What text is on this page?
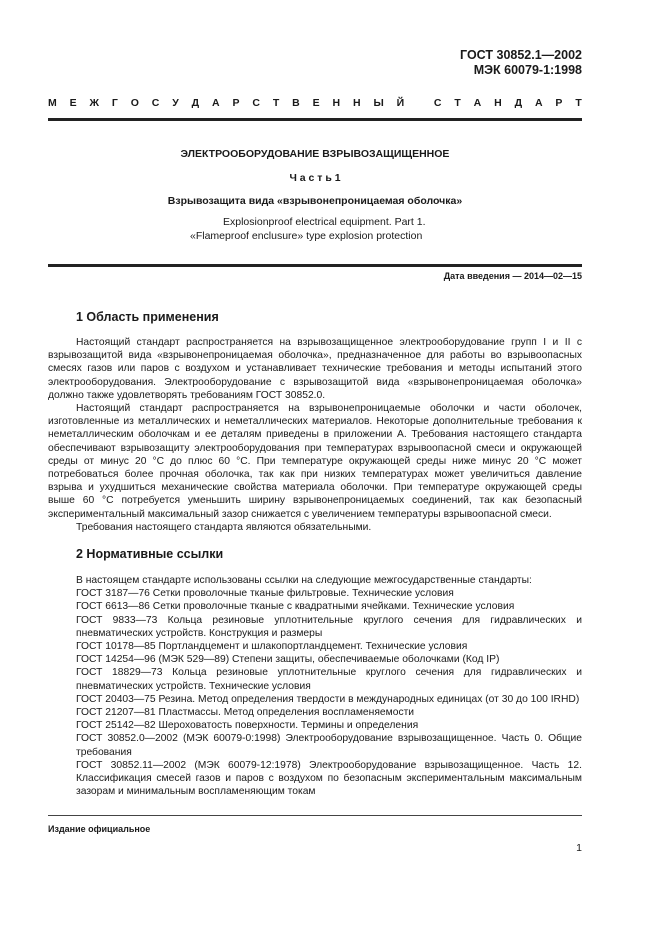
ГОСТ 30852.1—2002
МЭК 60079-1:1998
М Е Ж Г О С У Д А Р С Т В Е Н Н Ы Й	С Т А Н Д А Р Т
ЭЛЕКТРООБОРУДОВАНИЕ ВЗРЫВОЗАЩИЩЕННОЕ
Ч а с т ь 1
Взрывозащита вида «взрывонепроницаемая оболочка»
Explosionproof electrical equipment. Part 1.
«Flameproof enclusure» type explosion protection
Дата введения — 2014—02—15
1 Область применения

Настоящий стандарт распространяется на взрывозащищенное электрооборудование групп I и II с взрывозащитой вида «взрывонепроницаемая оболочка», предназначенное для работы во взрывоопасных смесях газов или паров с воздухом и устанавливает технические требования и методы испытаний этого электрооборудования. Электрооборудование с взрывозащитой вида «взрывонепроницаемая оболочка» должно также удовлетворять требованиям ГОСТ 30852.0.

Настоящий стандарт распространяется на взрывонепроницаемые оболочки и части оболочек, изготовленные из металлических и неметаллических материалов. Некоторые дополнительные требования к неметаллическим оболочкам и ее деталям приведены в приложении А. Требования настоящего стандарта обеспечивают взрывозащиту электрооборудования при температурах взрывоопасной смеси и окружающей среды от минус 20 °С до плюс 60 °С. При температуре окружающей среды ниже минус 20 °С может потребоваться более прочная оболочка, так как при низких температурах может увеличиться давление взрыва и ухудшиться механические свойства материала оболочки. При температуре окружающей среды выше 60 °С потребуется уменьшить ширину взрывонепроницаемых соединений, так как безопасный экспериментальный максимальный зазор снижается с увеличением температуры взрывоопасной смеси.

Требования настоящего стандарта являются обязательными.

2 Нормативные ссылки
В настоящем стандарте использованы ссылки на следующие межгосударственные стандарты:
ГОСТ 3187—76 Сетки проволочные тканые фильтровые. Технические условия
ГОСТ 6613—86 Сетки проволочные тканые с квадратными ячейками. Технические условия
ГОСТ 9833—73 Кольца резиновые уплотнительные круглого сечения для гидравлических и пневматических устройств. Конструкция и размеры
ГОСТ 10178—85 Портландцемент и шлакопортландцемент. Технические условия
ГОСТ 14254—96 (МЭК 529—89) Степени защиты, обеспечиваемые оболочками (Код IP)
ГОСТ 18829—73 Кольца резиновые уплотнительные круглого сечения для гидравлических и пневматических устройств. Технические условия
ГОСТ 20403—75 Резина. Метод определения твердости в международных единицах (от 30 до 100 IRHD)
ГОСТ 21207—81 Пластмассы. Метод определения воспламеняемости
ГОСТ 25142—82 Шероховатость поверхности. Термины и определения
ГОСТ 30852.0—2002 (МЭК 60079-0:1998) Электрооборудование взрывозащищенное. Часть 0. Общие требования
ГОСТ 30852.11—2002 (МЭК 60079-12:1978) Электрооборудование взрывозащищенное. Часть 12. Классификация смесей газов и паров с воздухом по безопасным экспериментальным максимальным зазорам и минимальным воспламеняющим токам
Издание официальное
1
